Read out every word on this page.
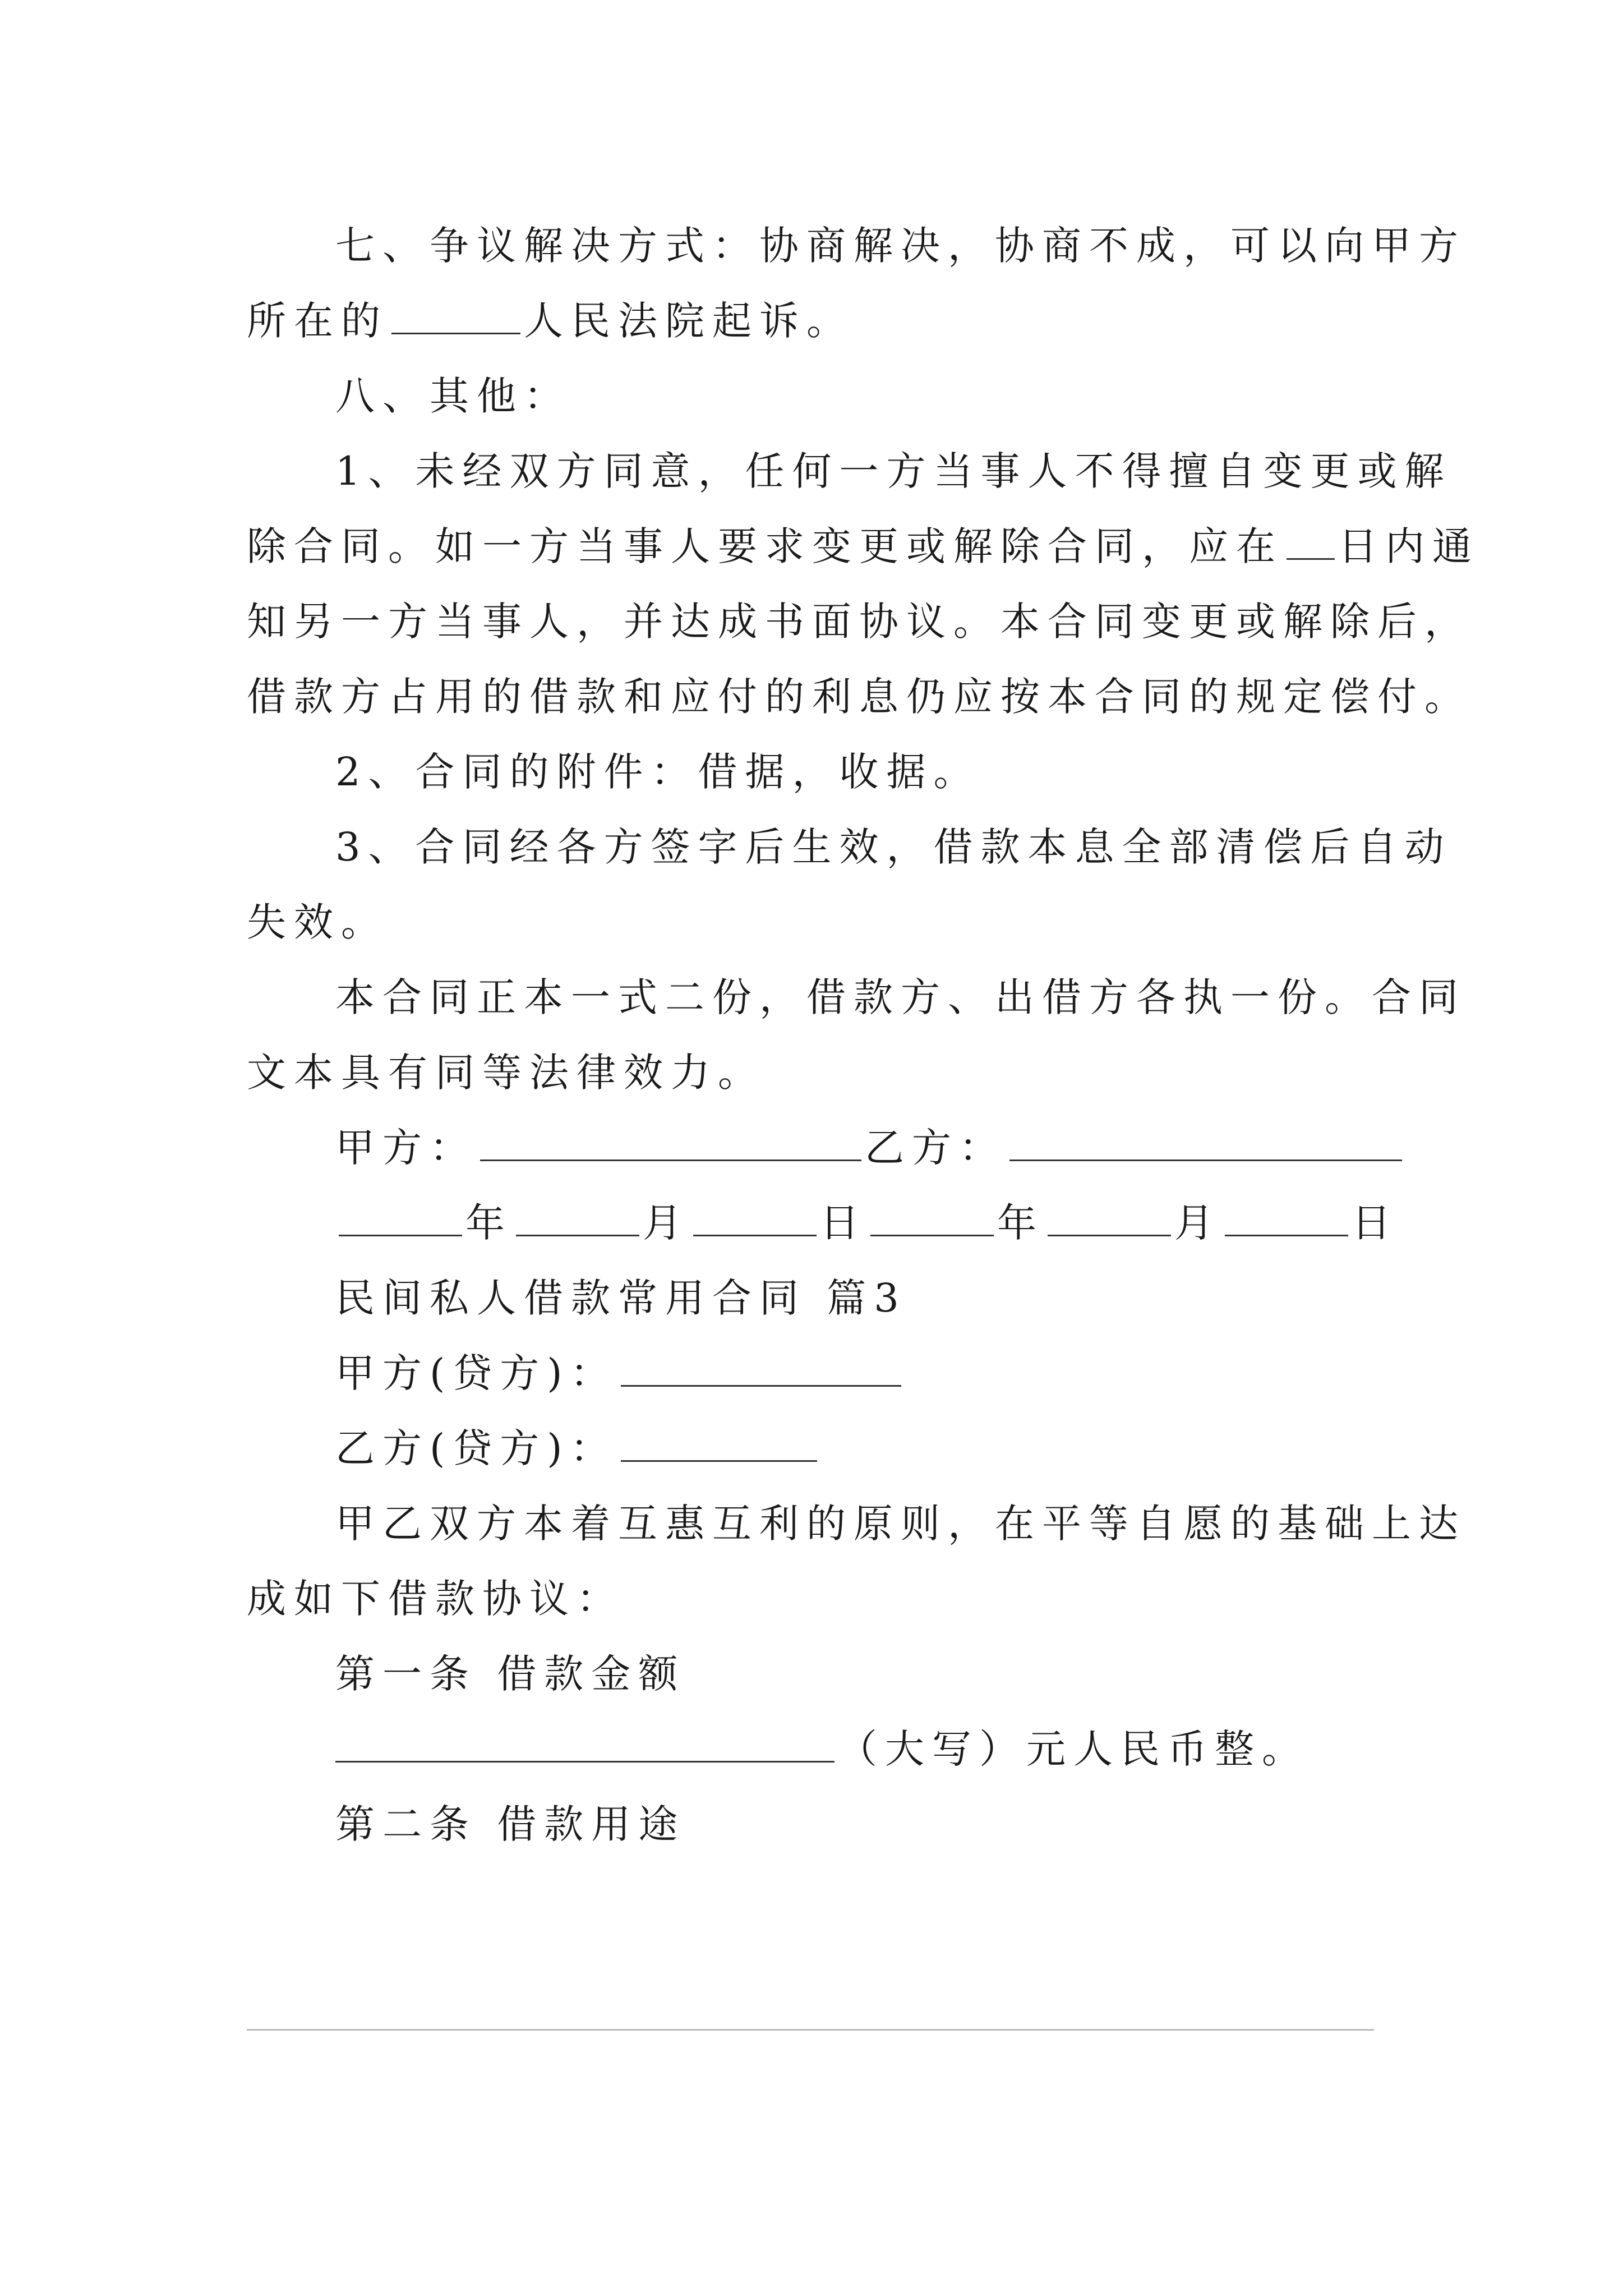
七、争议解决方式：协商解决，协商不成，可以向甲方
所在的	人民法院起诉。
八、其他：
1、未经双方同意，任何一方当事人不得擅自变更或解
除合同。如一方当事人要求变更或解除合同，应在 日内通
知另一方当事人，并达成书面协议。本合同变更或解除后，
借款方占用的借款和应付的利息仍应按本合同的规定偿付。
2、合同的附件：借据，收据。
3、合同经各方签字后生效，借款本息全部清偿后自动
失效。
本合同正本一式二份，借款方、出借方各执一份。合同
文本具有同等法律效力。
甲方：	乙方：
年	月	日	年	月	日
民间私人借款常用合同 篇3
甲方(贷方)：
乙方(贷方)：
甲乙双方本着互惠互利的原则，在平等自愿的基础上达
成如下借款协议：
第一条 借款金额
（大写）元人民币整。
第二条 借款用途
